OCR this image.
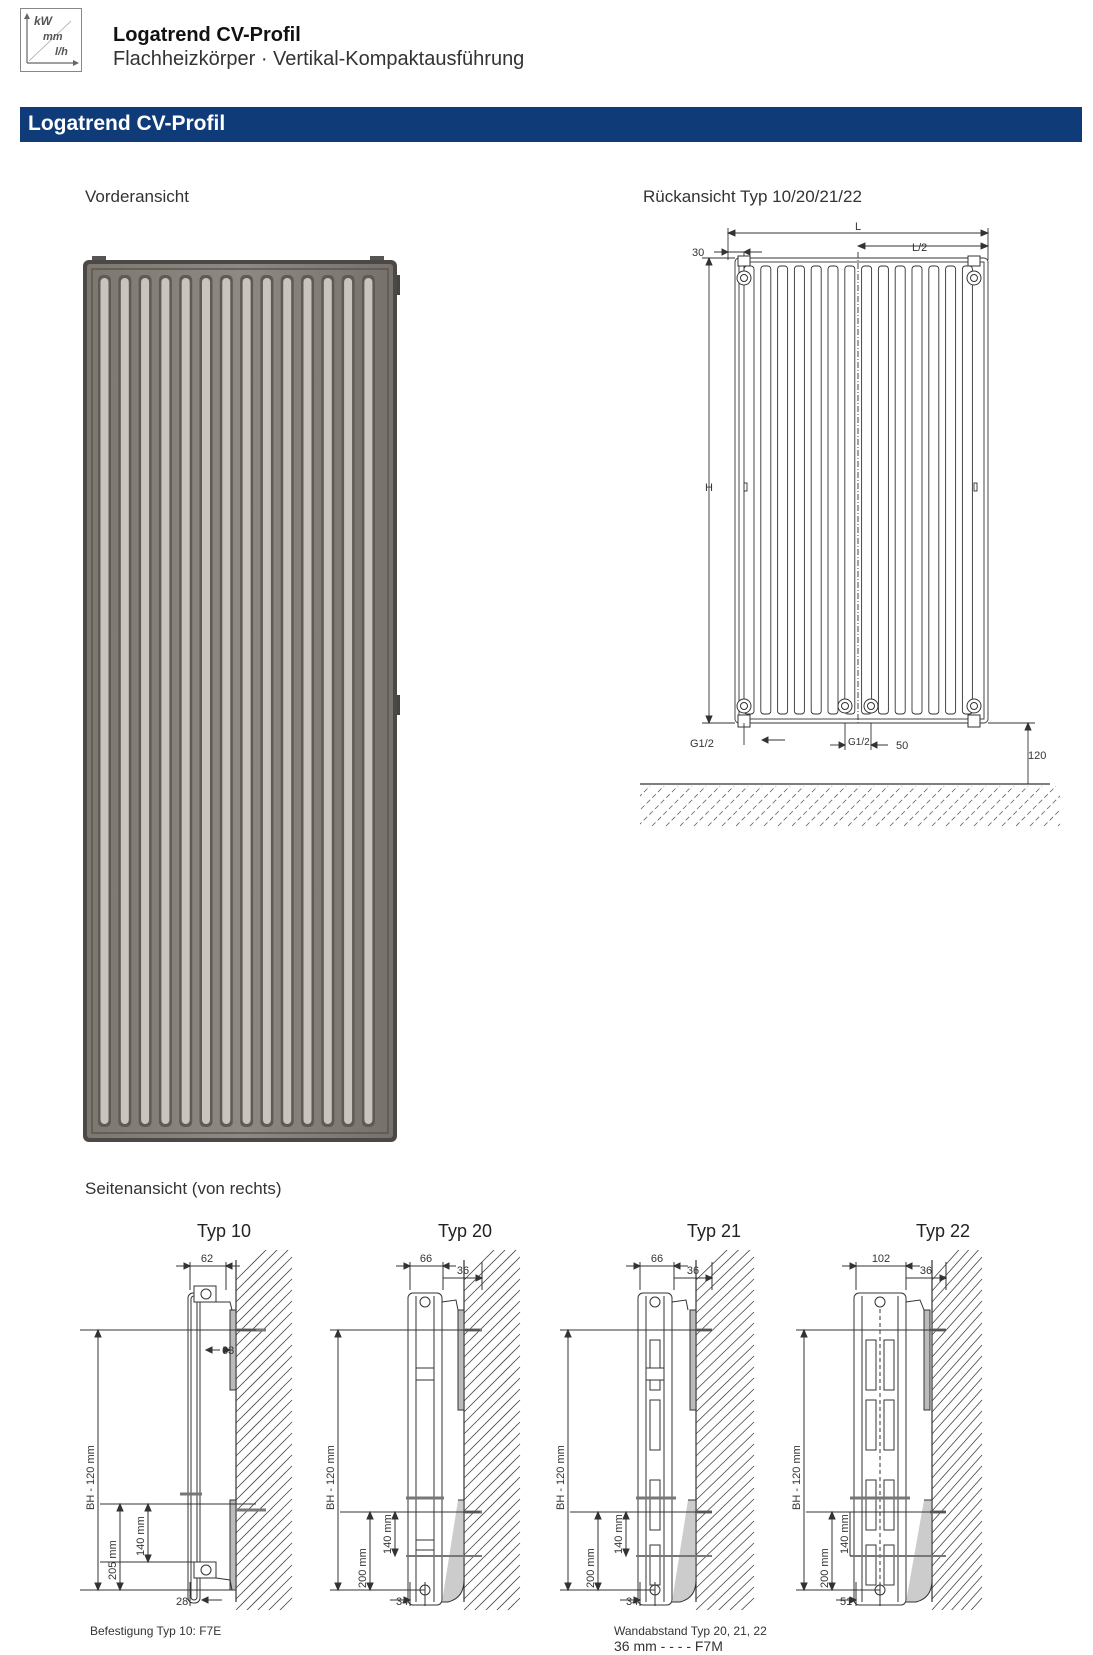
kW
mm
l/h
Logatrend CV-Profil
Flachheizkörper · Vertikal-Kompaktausführung
Logatrend CV-Profil
Vorderansicht	Rückansicht Typ 10/20/21/22
Seitenansicht (von rechts)
30
L
L/2
H
G1/2	G1/2 50
120
Typ 10	Typ 20	Typ 21	Typ 22
62
63
BH - 120 mm
205 mm
140 mm
28
66
36
BH - 120 mm
200 mm
140 mm
34
66
36
BH - 120 mm
200 mm
140 mm
34
102
36
BH - 120 mm
200 mm
140 mm
51
Befestigung Typ 10: F7E	Wandabstand Typ 20, 21, 22
36 mm - - - - F7M
